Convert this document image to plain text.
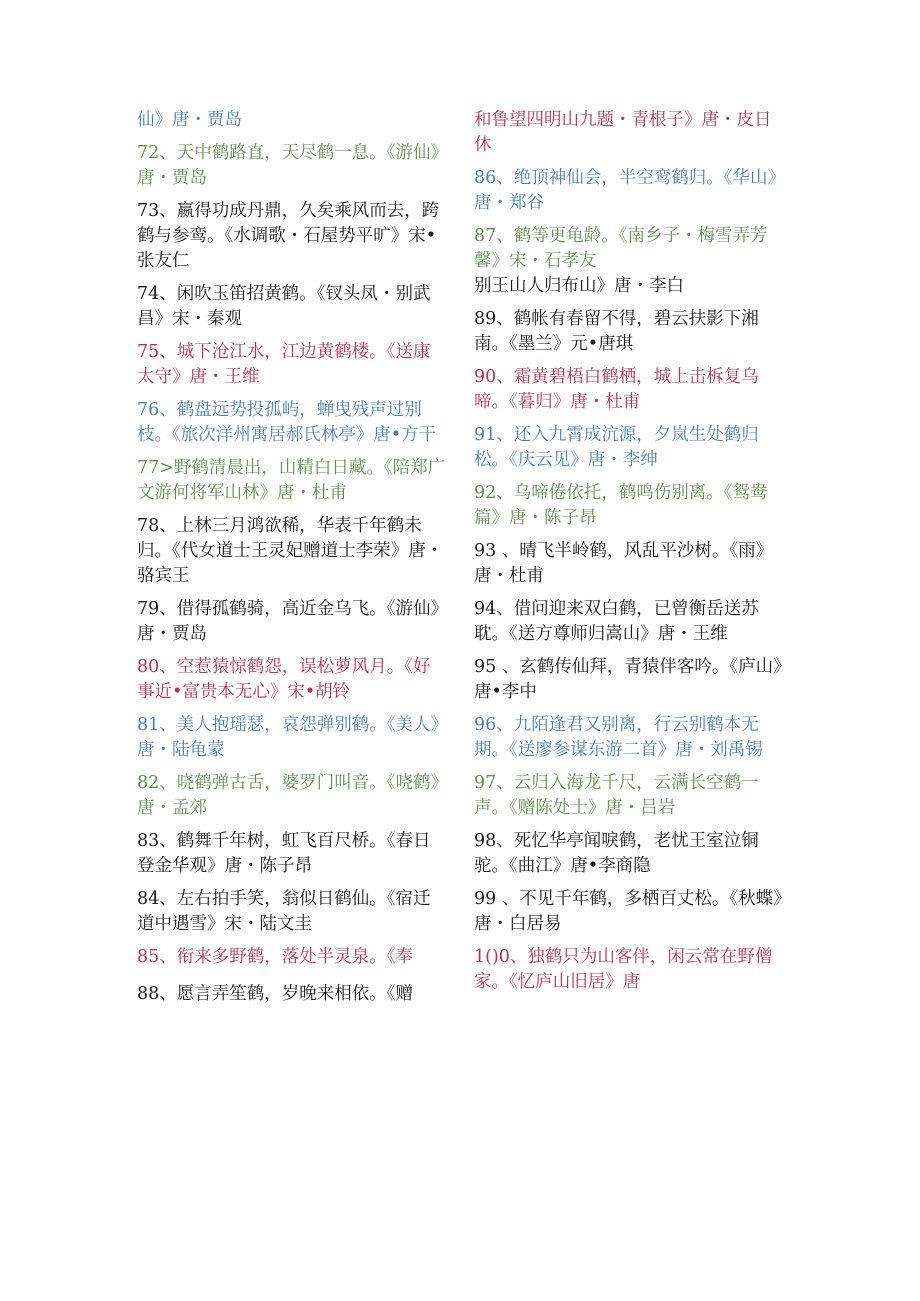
仙》唐・贾岛

72、天中鹤路直，天尽鹤一息。《游仙》唐・贾岛

73、嬴得功成丹鼎，久矣乘风而去，跨鹤与参鸾。《水调歌・石屋势平旷》宋•张友仁

74、闲吹玉笛招黄鹤。《钗头凤・别武昌》宋・秦观

75、城下沧江水，江边黄鹤楼。《送康太守》唐・王维

76、鹤盘远势投孤屿，蝉曳残声过别枝。《旅次洋州寓居郝氏林亭》唐•方干

77>野鹤清晨出，山精白日藏。《陪郑广文游何将军山林》唐・杜甫

78、上林三月鸿欲稀，华表千年鹤未归。《代女道士王灵妃赠道士李荣》唐・骆宾王

79、借得孤鹤骑，高近金乌飞。《游仙》唐・贾岛

80、空惹猿惊鹤怨，误松萝风月。《好事近•富贵本无心》宋•胡铃

81、美人抱瑶瑟，哀怨弹别鹤。《美人》唐・陆龟蒙

82、哓鹤弹古舌，婆罗门叫音。《哓鹤》唐・孟郊

83、鹤舞千年树，虹飞百尺桥。《春日登金华观》唐・陈子昂

84、左右拍手笑，翁似日鹤仙。《宿迁道中遇雪》宋・陆文圭

85、衔来多野鹤，落处半灵泉。《奉

88、愿言弄笙鹤，岁晚来相依。《赠

和鲁望四明山九题・青根子》唐・皮日休

86、绝顶神仙会，半空鸾鹤归。《华山》唐・郑谷

87、鹤等更龟龄。《南乡子・梅雪弄芳馨》宋・石孝友

别王山人归布山》唐・李白

89、鹤帐有春留不得，碧云扶影下湘南。《墨兰》元•唐琪

90、霜黄碧梧白鹤栖，城上击柝复乌啼。《暮归》唐・杜甫

91、还入九霄成沆源，夕岚生处鹤归松。《庆云见》唐・李绅

92、乌啼倦依托，鹤鸣伤别离。《鸳鸯篇》唐・陈子昂

93 、晴飞半岭鹤，风乱平沙树。《雨》唐・杜甫

94、借问迎来双白鹤，已曾衡岳送苏耽。《送方尊师归嵩山》唐・王维

95 、玄鹤传仙拜，青猿伴客吟。《庐山》唐•李中

96、九陌逢君又别离，行云别鹤本无期。《送廖参谋东游二首》唐・刘禹锡

97、云归入海龙千尺，云满长空鹤一声。《赠陈处士》唐・吕岩

98、死忆华亭闻唳鹤，老忧王室泣铜驼。《曲江》唐•李商隐

99 、不见千年鹤，多栖百丈松。《秋蝶》唐・白居易

1()0、独鹤只为山客伴，闲云常在野僧家。《忆庐山旧居》唐
